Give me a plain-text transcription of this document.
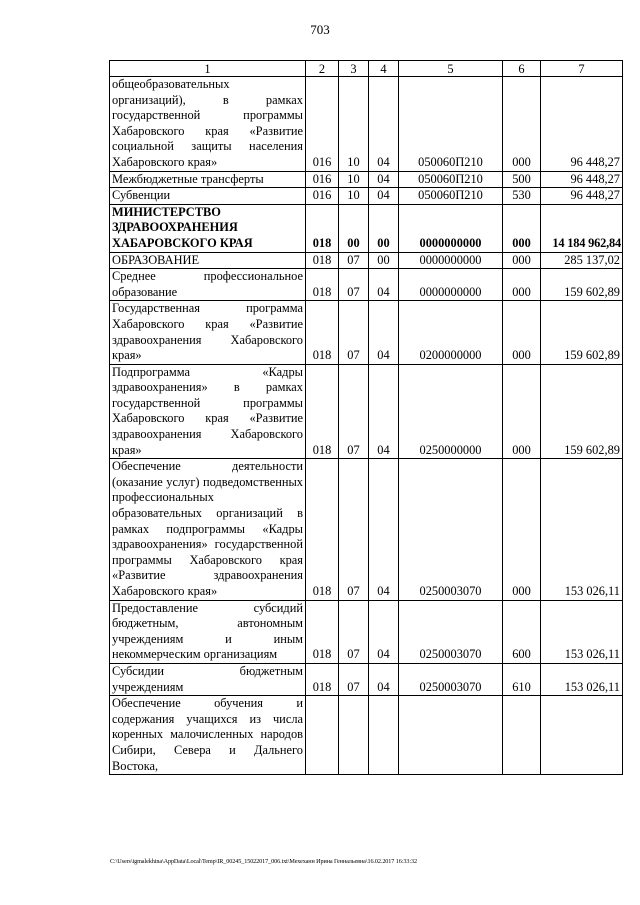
703
1	2	3	4	5	6	7
общеобразовательных организаций), в рамках государственной программы Хабаровского края «Развитие социальной защиты населения Хабаровского края»	016	10	04	050060П210	000	96 448,27
Межбюджетные трансферты	016	10	04	050060П210	500	96 448,27
Субвенции	016	10	04	050060П210	530	96 448,27
МИНИСТЕРСТВО ЗДРАВООХРАНЕНИЯ ХАБАРОВСКОГО КРАЯ	018	00	00	0000000000	000	14 184 962,84
ОБРАЗОВАНИЕ	018	07	00	0000000000	000	285 137,02
Среднее профессиональное образование	018	07	04	0000000000	000	159 602,89
Государственная программа Хабаровского края «Развитие здравоохранения Хабаровского края»	018	07	04	0200000000	000	159 602,89
Подпрограмма «Кадры здравоохранения» в рамках государственной программы Хабаровского края «Развитие здравоохранения Хабаровского края»	018	07	04	0250000000	000	159 602,89
Обеспечение деятельности (оказание услуг) подведомственных профессиональных образовательных организаций в рамках подпрограммы «Кадры здравоохранения» государственной программы Хабаровского края «Развитие здравоохранения Хабаровского края»	018	07	04	0250003070	000	153 026,11
Предоставление субсидий бюджетным, автономным учреждениям и иным некоммерческим организациям	018	07	04	0250003070	600	153 026,11
Субсидии бюджетным учреждениям	018	07	04	0250003070	610	153 026,11
Обеспечение обучения и содержания учащихся из числа коренных малочисленных народов Сибири, Севера и Дальнего Востока,						
C:\Users\igmalekhina\AppData\Local\Temp\IR_00245_15022017_006.txt\Мехеханн Ирина Геннальевна\16.02.2017 16:33:32
